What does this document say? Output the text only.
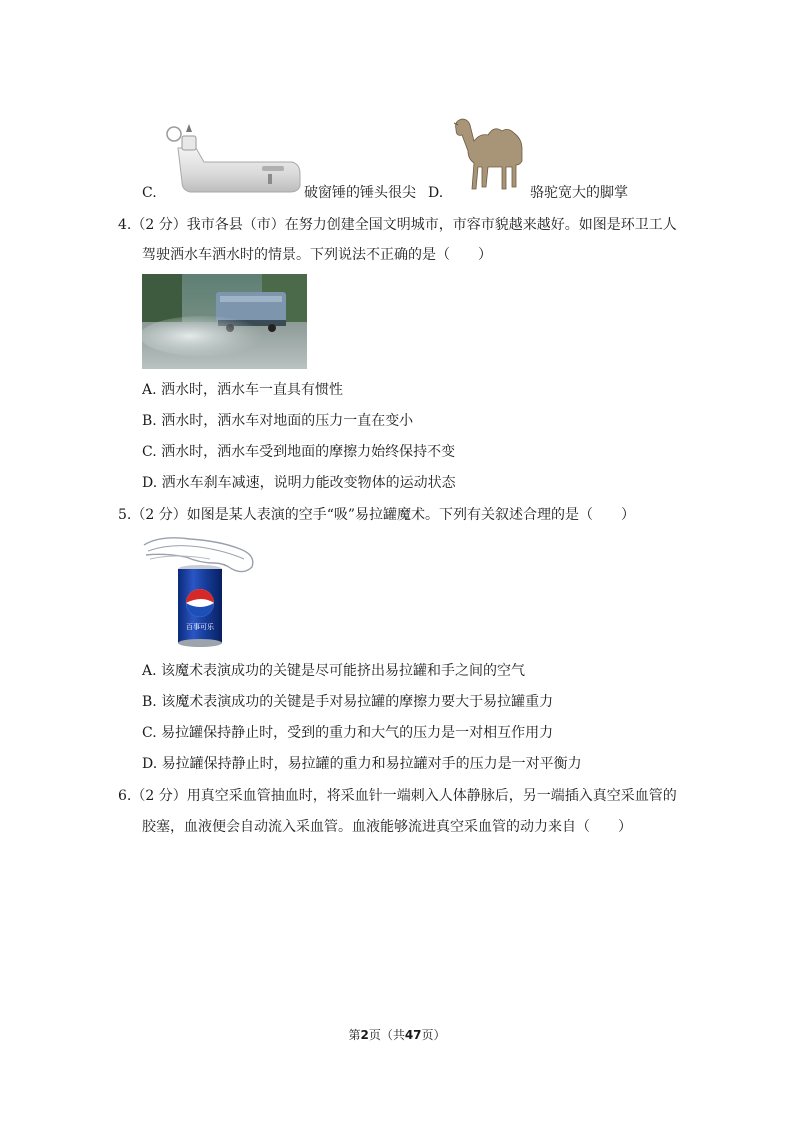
C.	破窗锤的锤头很尖 D.	骆驼宽大的脚掌
4.（2 分）我市各县（市）在努力创建全国文明城市，市容市貌越来越好。如图是环卫工人
驾驶洒水车洒水时的情景。下列说法不正确的是（　　）
A. 洒水时，洒水车一直具有惯性
B. 洒水时，洒水车对地面的压力一直在变小
C. 洒水时，洒水车受到地面的摩擦力始终保持不变
D. 洒水车刹车减速，说明力能改变物体的运动状态
5.（2 分）如图是某人表演的空手“吸”易拉罐魔术。下列有关叙述合理的是（　　）
百事可乐
A. 该魔术表演成功的关键是尽可能挤出易拉罐和手之间的空气
B. 该魔术表演成功的关键是手对易拉罐的摩擦力要大于易拉罐重力
C. 易拉罐保持静止时，受到的重力和大气的压力是一对相互作用力
D. 易拉罐保持静止时，易拉罐的重力和易拉罐对手的压力是一对平衡力
6.（2 分）用真空采血管抽血时，将采血针一端刺入人体静脉后，另一端插入真空采血管的
胶塞，血液便会自动流入采血管。血液能够流进真空采血管的动力来自（　　）
第2页（共47页）
